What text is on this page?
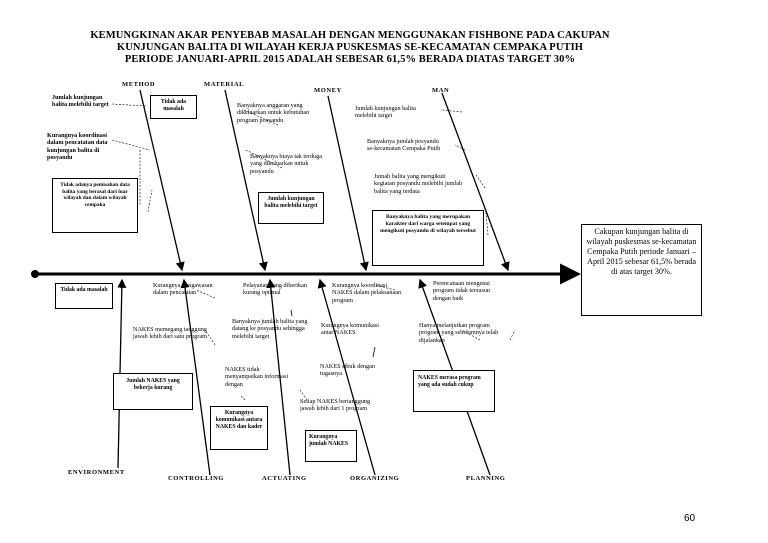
KEMUNGKINAN AKAR PENYEBAB MASALAH DENGAN MENGGUNAKAN FISHBONE PADA CAKUPAN
KUNJUNGAN BALITA DI WILAYAH KERJA PUSKESMAS SE-KECAMATAN CEMPAKA PUTIH
PERIODE JANUARI-APRIL 2015 ADALAH SEBESAR 61,5% BERADA DIATAS TARGET 30%
METHOD	MATERIAL
MONEY	MAN
ENVIRONMENT
CONTROLLING	ACTUATING	ORGANIZING	PLANNING
Jumlah kunjungan balita melebihi target
Kurangnya koordinasi dalam pencatatan data kunjungan balita di posyandu
Tidak adanya pemisahan data balita yang berasal dari luar wilayah dan dalam wilayah cempaka
Tidak ada masalah	Banyaknya anggaran yang dikeluarkan untuk kebutuhan program posyandu
Banyaknya biaya tak terduga yang dikeluarkan untuk posyandu
Jumlah kunjungan balita melebihi target
Jumlah kunjungan balita melebihi target
Banyaknya jumlah posyandu se-kecamatan Cempaka Putih
Jumah balita yang mengikuti kegiatan posyandu melebihi jumlah balita yang terdata
Banyaknya balita yang merupakan karakter dari warga setempat yang mengikuti posyandu di wilayah tersebut
Tidak ada masalah
Kurangnya Pengawasan dalam pencatatan
NAKES memegang tanggung jawab lebih dari satu program
Jumlah NAKES yang bekerja kurang
Pelayanan yang diberikan kurang optimal
Banyaknya jumlah balita yang datang ke posyandu sehingga melebihi target
NAKES tidak menyampaikan informasi dengan
Kurangnya komunikasi antara NAKES dan kader
Kurangnya koordinasi NAKES dalam pelaksanaan program
Kurangnya komunikasi antar NAKES
NAKES sibuk dengan tugasnya
Setiap NAKES bertanggung jawab lebih dari 1 program
Kurangnya jumlah NAKES
Perencanaan mengenai program tidak tersusun dengan baik
Hanya melanjutkan program program yang sebelumnya telah dijalankan
NAKES merasa program yang ada sudah cukup
Cakupan kunjungan balita di wilayah puskesmas se-kecamatan Cempaka Putih periode Januari – April 2015 sebesar 61,5% berada di atas target 30%.
60
